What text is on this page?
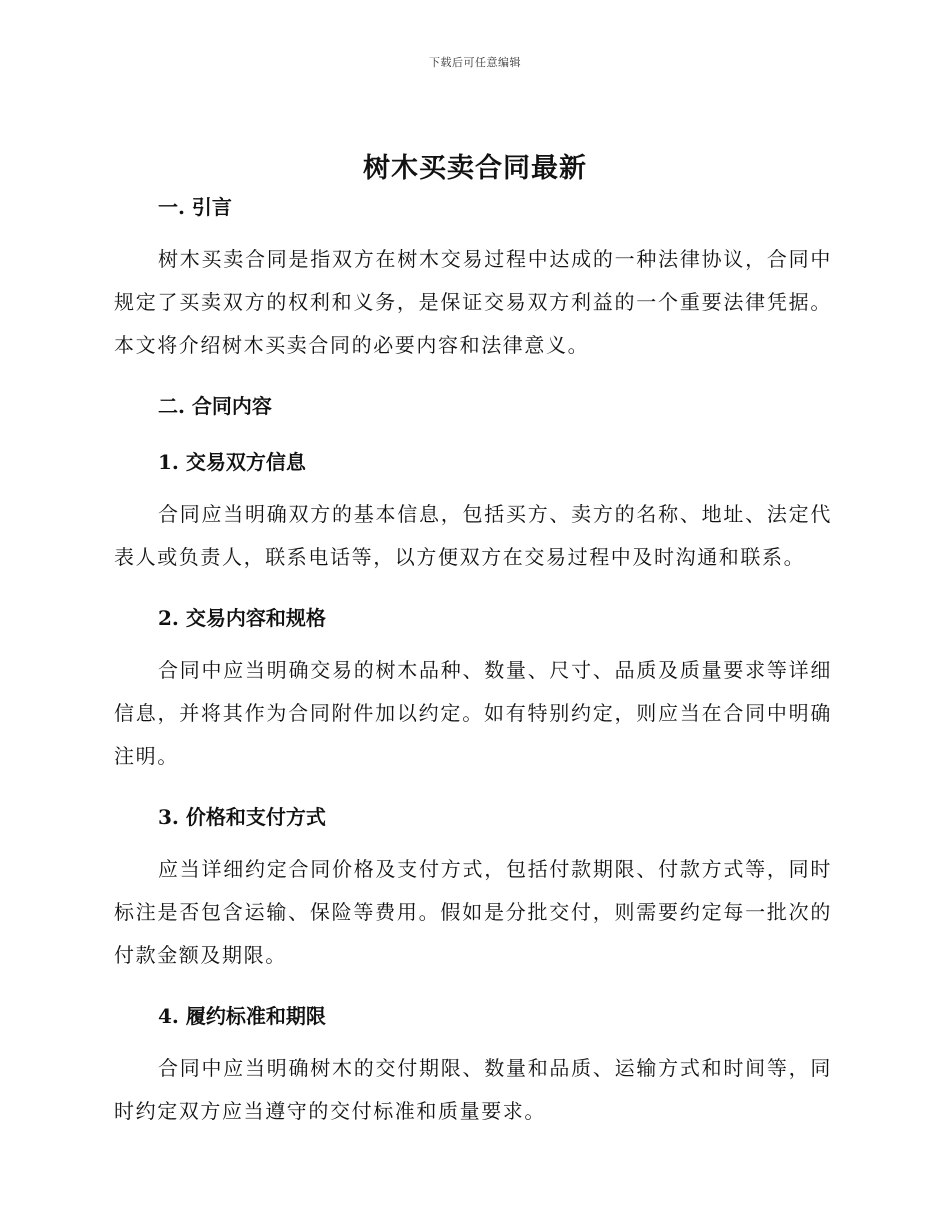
下载后可任意编辑
树木买卖合同最新
一. 引言

树木买卖合同是指双方在树木交易过程中达成的一种法律协议，合同中规定了买卖双方的权利和义务，是保证交易双方利益的一个重要法律凭据。本文将介绍树木买卖合同的必要内容和法律意义。

二. 合同内容
1. 交易双方信息

合同应当明确双方的基本信息，包括买方、卖方的名称、地址、法定代表人或负责人，联系电话等，以方便双方在交易过程中及时沟通和联系。

2. 交易内容和规格

合同中应当明确交易的树木品种、数量、尺寸、品质及质量要求等详细信息，并将其作为合同附件加以约定。如有特别约定，则应当在合同中明确注明。

3. 价格和支付方式

应当详细约定合同价格及支付方式，包括付款期限、付款方式等，同时标注是否包含运输、保险等费用。假如是分批交付，则需要约定每一批次的付款金额及期限。

4. 履约标准和期限

合同中应当明确树木的交付期限、数量和品质、运输方式和时间等，同时约定双方应当遵守的交付标准和质量要求。
